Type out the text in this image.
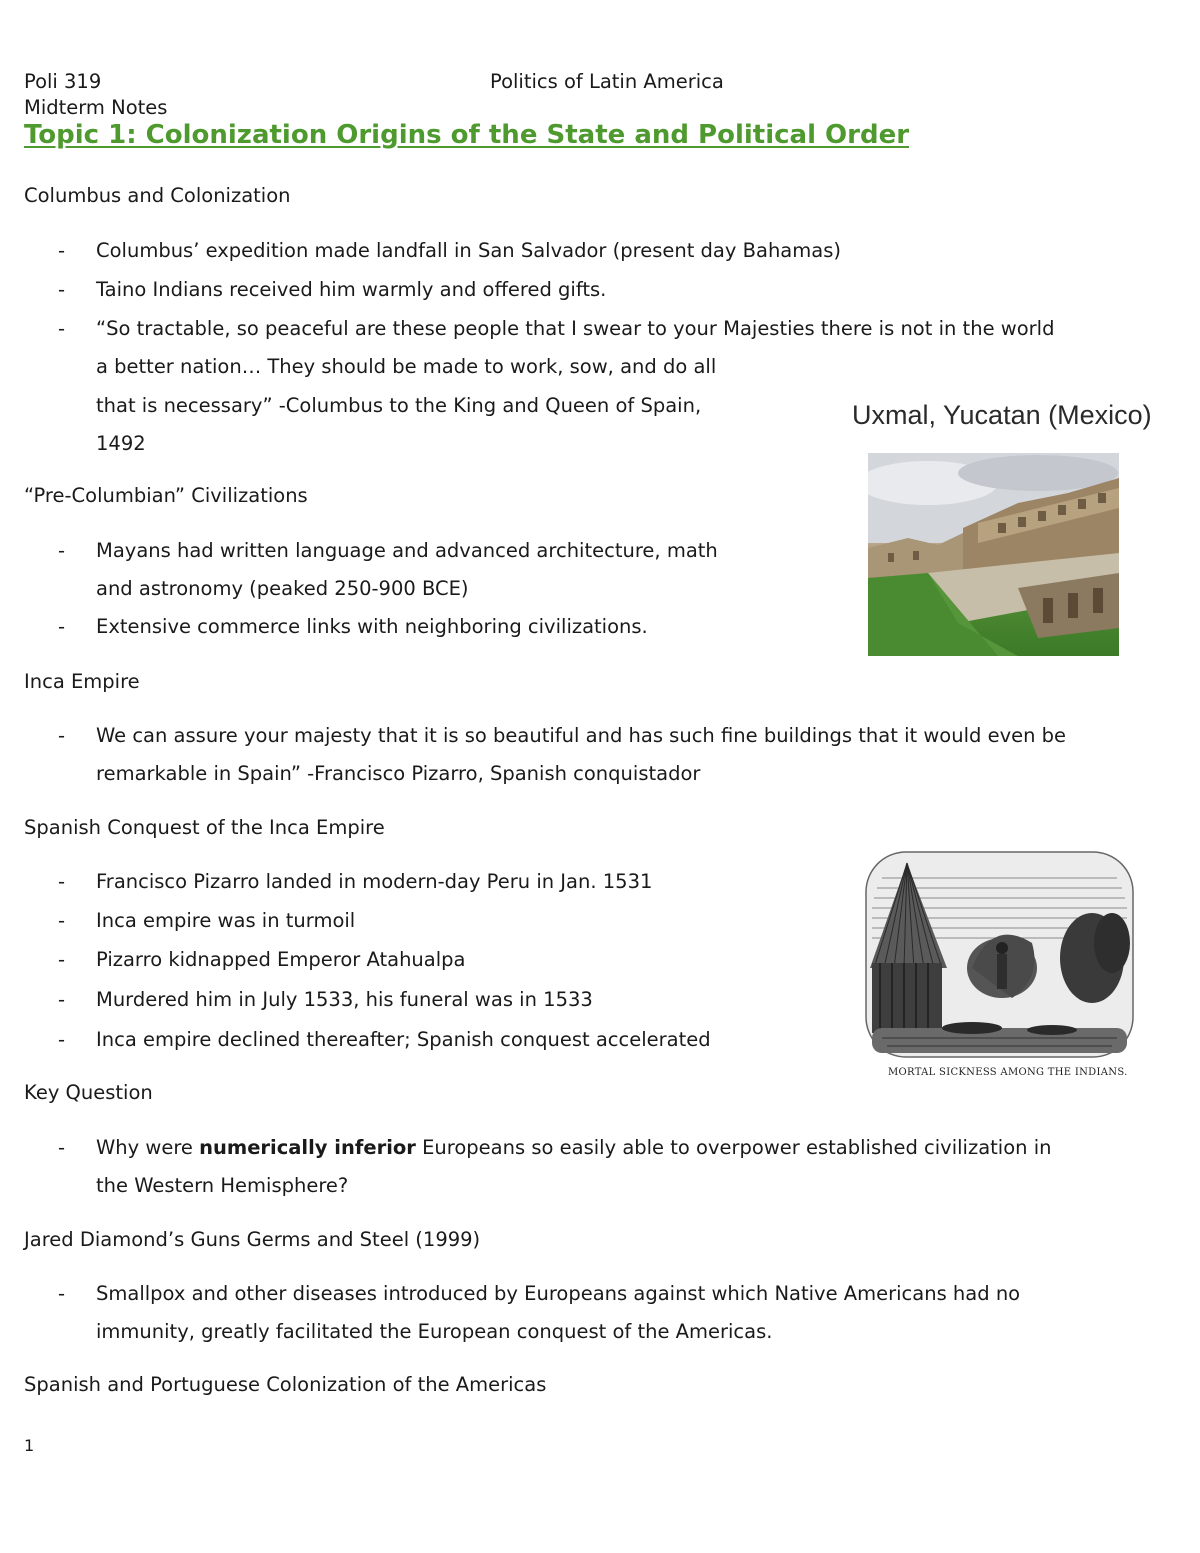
Poli 319	Politics of Latin America
Midterm Notes
Topic 1: Colonization Origins of the State and Political Order
Columbus and Colonization
- Columbus’ expedition made landfall in San Salvador (present day Bahamas)
- Taino Indians received him warmly and offered gifts.
- “So tractable, so peaceful are these people that I swear to your Majesties there is not in the world
a better nation… They should be made to work, sow, and do all
that is necessary” -Columbus to the King and Queen of Spain,
1492
Uxmal, Yucatan (Mexico)
“Pre-Columbian” Civilizations
- Mayans had written language and advanced architecture, math
and astronomy (peaked 250-900 BCE)
- Extensive commerce links with neighboring civilizations.
Inca Empire
- We can assure your majesty that it is so beautiful and has such fine buildings that it would even be
remarkable in Spain” -Francisco Pizarro, Spanish conquistador
Spanish Conquest of the Inca Empire
- Francisco Pizarro landed in modern-day Peru in Jan. 1531
- Inca empire was in turmoil
- Pizarro kidnapped Emperor Atahualpa
- Murdered him in July 1533, his funeral was in 1533
- Inca empire declined thereafter; Spanish conquest accelerated
MORTAL SICKNESS AMONG THE INDIANS.
Key Question
- Why were numerically inferior Europeans so easily able to overpower established civilization in
the Western Hemisphere?
Jared Diamond’s Guns Germs and Steel (1999)
- Smallpox and other diseases introduced by Europeans against which Native Americans had no
immunity, greatly facilitated the European conquest of the Americas.
Spanish and Portuguese Colonization of the Americas
1
